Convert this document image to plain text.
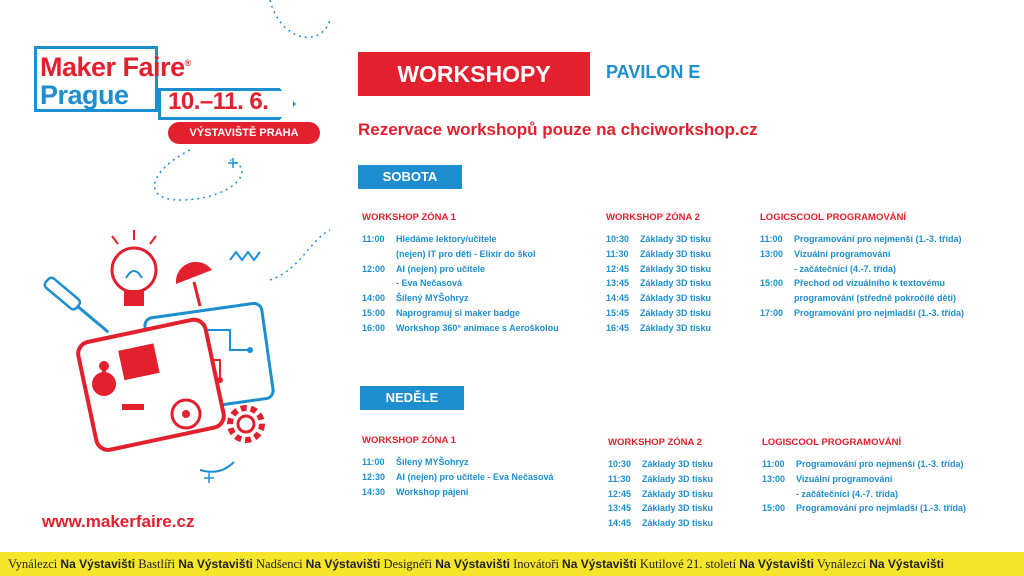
Maker Faire®
Prague 10.–11. 6.
VÝSTAVIŠTĚ PRAHA
WORKSHOPY	PAVILON E
Rezervace workshopů pouze na chciworkshop.cz
SOBOTA
WORKSHOP ZÓNA 1
11:00	Hledáme lektory/učitele
(nejen) IT pro děti - Elixír do škol
12:00	AI (nejen) pro učitele
- Eva Nečasová
14:00	Šílený MYŠohryz
15:00	Naprogramuj si maker badge
16:00	Workshop 360° animace s Aeroškolou
WORKSHOP ZÓNA 2
10:30	Základy 3D tisku
11:30	Základy 3D tisku
12:45	Základy 3D tisku
13:45	Základy 3D tisku
14:45	Základy 3D tisku
15:45	Základy 3D tisku
16:45	Základy 3D tisku
LOGICSCOOL PROGRAMOVÁNÍ
11:00	Programování pro nejmenší (1.-3. třída)
13:00	Vizuální programování
- začátečníci (4.-7. třída)
15:00	Přechod od vizuálního k textovému
programování (středně pokročilé děti)
17:00	Programování pro nejmladší (1.-3. třída)
NEDĚLE
WORKSHOP ZÓNA 1
11:00	Šílený MYŠohryz
12:30	AI (nejen) pro učitele - Eva Nečasová
14:30	Workshop pájení
WORKSHOP ZÓNA 2
10:30	Základy 3D tisku
11:30	Základy 3D tisku
12:45	Základy 3D tisku
13:45	Základy 3D tisku
14:45	Základy 3D tisku
LOGISCOOL PROGRAMOVÁNÍ
11:00	Programování pro nejmenší (1.-3. třída)
13:00	Vizuální programování
- začátečníci (4.-7. třída)
15:00	Programování pro nejmladší (1.-3. třída)
www.makerfaire.cz
Vynálezci Na Výstavišti Bastlíři Na Výstavišti Nadšenci Na Výstavišti Designéři Na Výstavišti Inovátoři Na Výstavišti Kutilové 21. století Na Výstavišti Vynálezci Na Výstavišti
